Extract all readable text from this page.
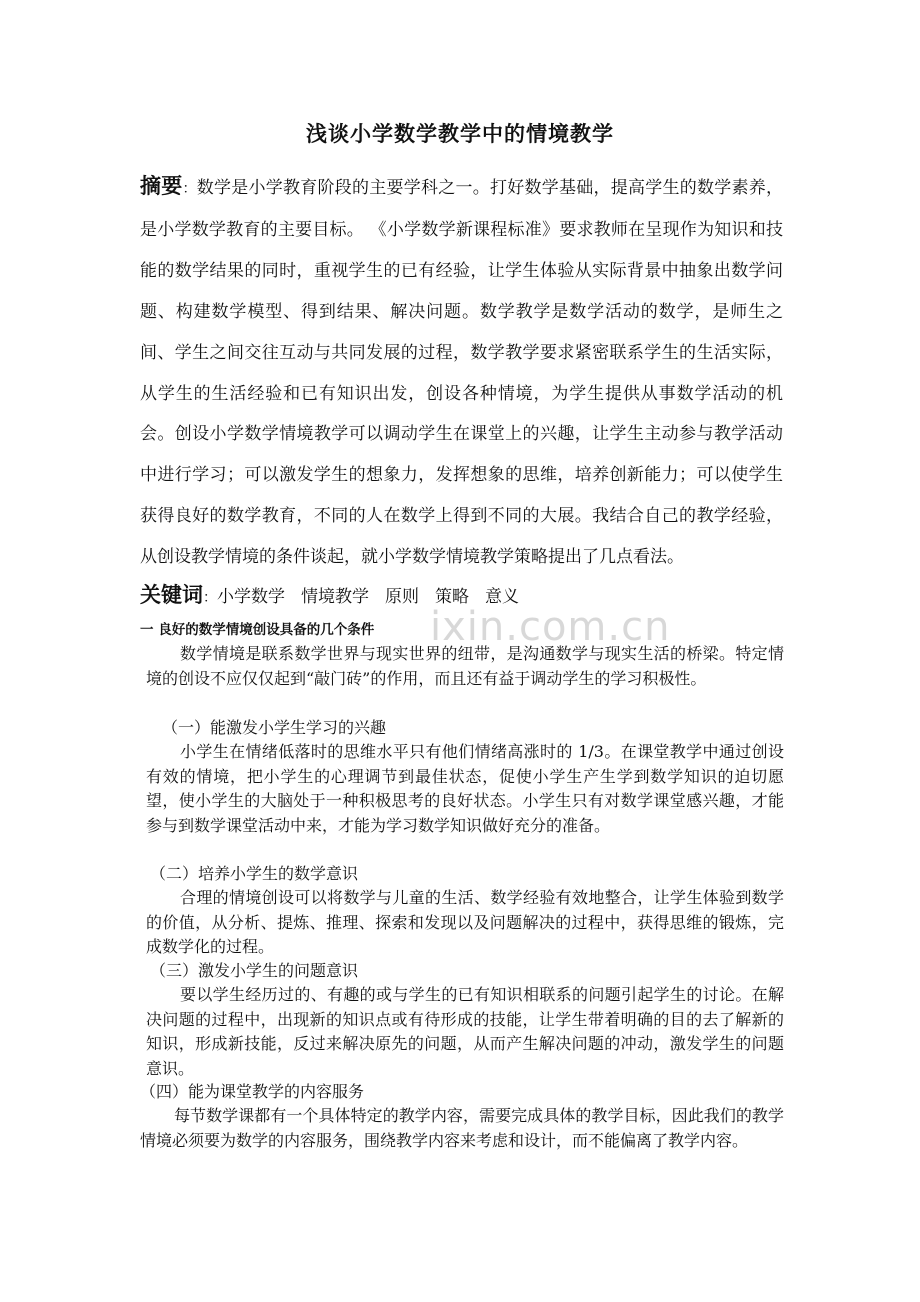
浅谈小学数学教学中的情境教学
摘要：数学是小学教育阶段的主要学科之一。打好数学基础，提高学生的数学素养，是小学数学教育的主要目标。 《小学数学新课程标准》要求教师在呈现作为知识和技能的数学结果的同时，重视学生的已有经验，让学生体验从实际背景中抽象出数学问题、构建数学模型、得到结果、解决问题。数学教学是数学活动的数学，是师生之间、学生之间交往互动与共同发展的过程，数学教学要求紧密联系学生的生活实际，从学生的生活经验和已有知识出发，创设各种情境，为学生提供从事数学活动的机会。创设小学数学情境教学可以调动学生在课堂上的兴趣，让学生主动参与教学活动中进行学习；可以激发学生的想象力，发挥想象的思维，培养创新能力；可以使学生获得良好的数学教育，不同的人在数学上得到不同的大展。我结合自己的教学经验，从创设教学情境的条件谈起，就小学数学情境教学策略提出了几点看法。
关键词：小学数学 情境教学 原则 策略 意义
ixin.com.cn
一 良好的数学情境创设具备的几个条件
数学情境是联系数学世界与现实世界的纽带，是沟通数学与现实生活的桥梁。特定情境的创设不应仅仅起到“敲门砖”的作用，而且还有益于调动学生的学习积极性。
（一）能激发小学生学习的兴趣
小学生在情绪低落时的思维水平只有他们情绪高涨时的 1/3。在课堂教学中通过创设有效的情境，把小学生的心理调节到最佳状态，促使小学生产生学到数学知识的迫切愿望，使小学生的大脑处于一种积极思考的良好状态。小学生只有对数学课堂感兴趣，才能参与到数学课堂活动中来，才能为学习数学知识做好充分的准备。
（二）培养小学生的数学意识
合理的情境创设可以将数学与儿童的生活、数学经验有效地整合，让学生体验到数学的价值，从分析、提炼、推理、探索和发现以及问题解决的过程中，获得思维的锻炼，完成数学化的过程。
（三）激发小学生的问题意识
要以学生经历过的、有趣的或与学生的已有知识相联系的问题引起学生的讨论。在解决问题的过程中，出现新的知识点或有待形成的技能，让学生带着明确的目的去了解新的知识，形成新技能，反过来解决原先的问题，从而产生解决问题的冲动，激发学生的问题意识。
（四）能为课堂教学的内容服务
每节数学课都有一个具体特定的教学内容，需要完成具体的教学目标，因此我们的教学情境必须要为数学的内容服务，围绕教学内容来考虑和设计，而不能偏离了教学内容。
